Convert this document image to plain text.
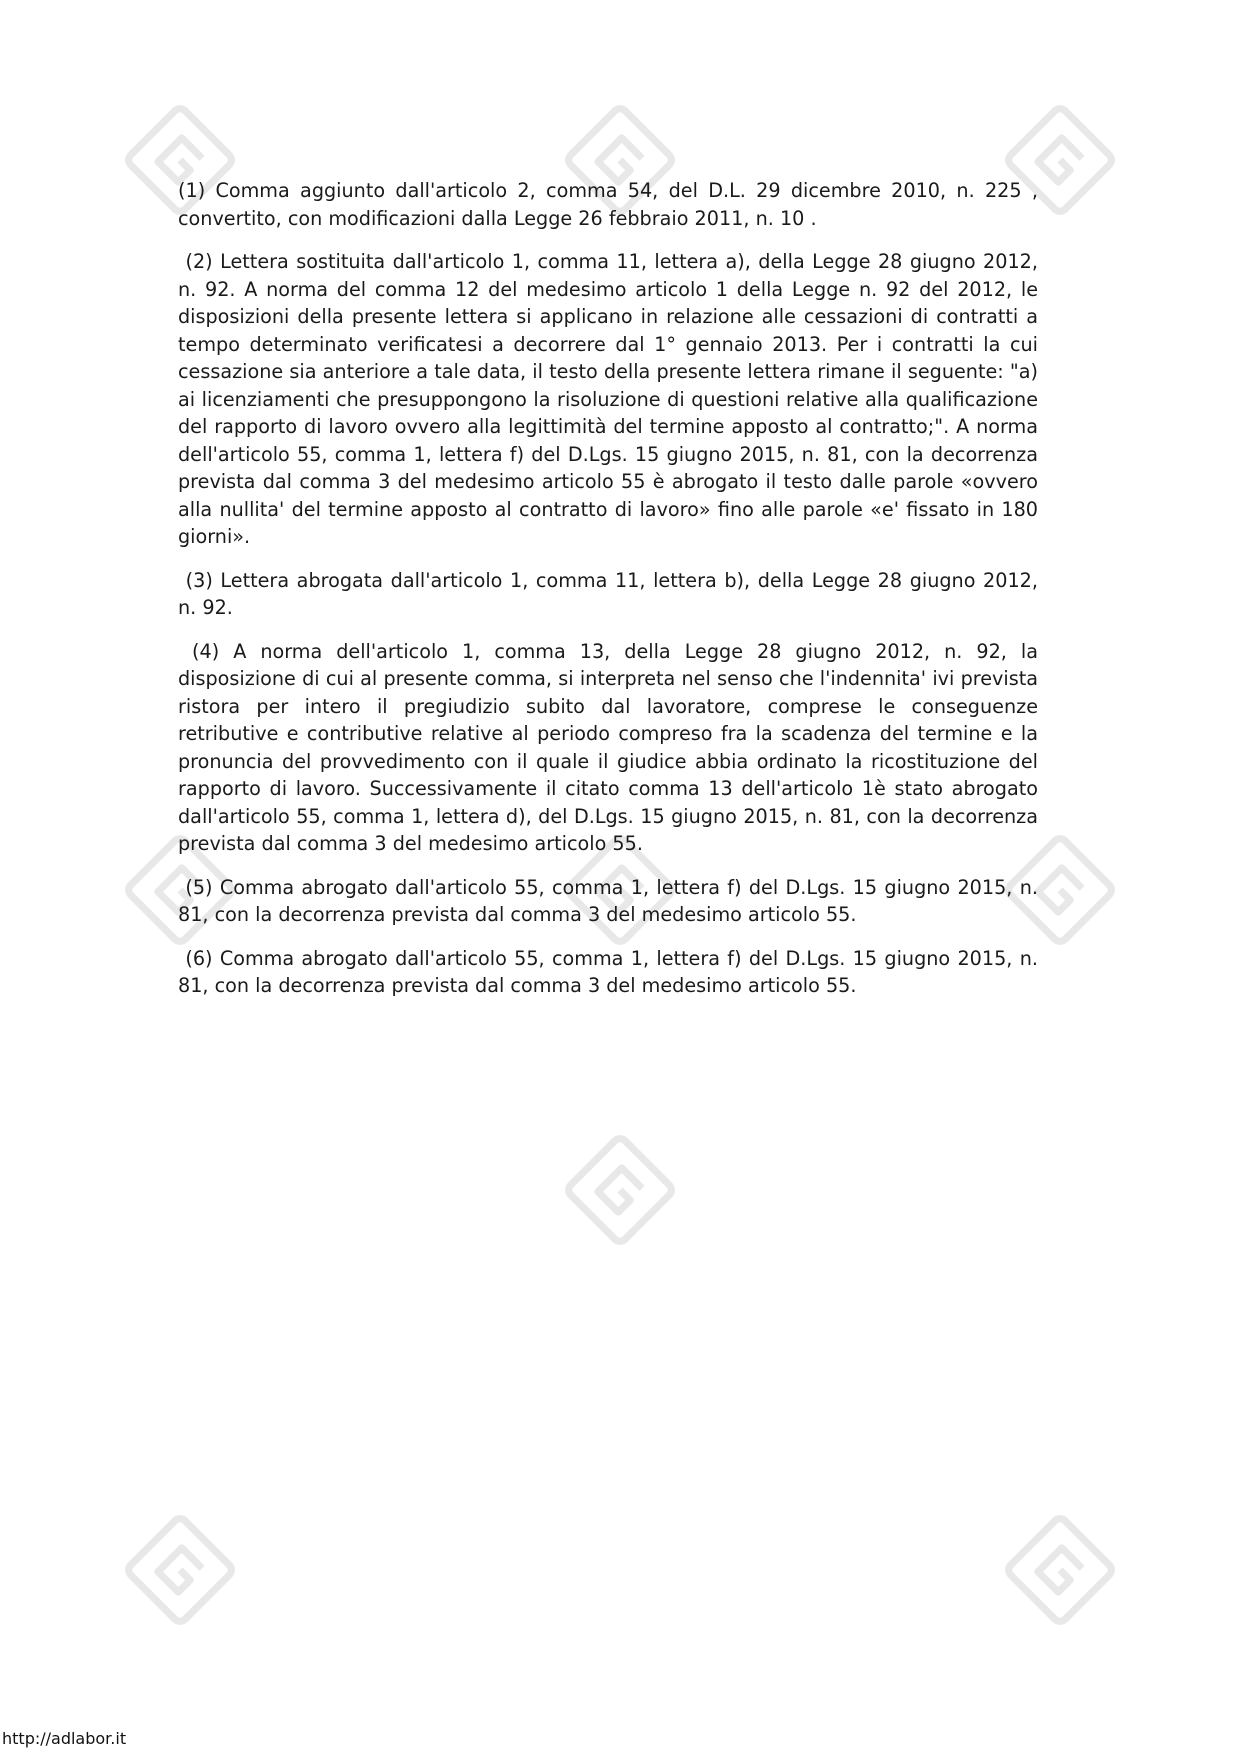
(1) Comma aggiunto dall'articolo 2, comma 54, del D.L. 29 dicembre 2010, n. 225 , convertito, con modificazioni dalla Legge 26 febbraio 2011, n. 10 .

(2) Lettera sostituita dall'articolo 1, comma 11, lettera a), della Legge 28 giugno 2012, n. 92. A norma del comma 12 del medesimo articolo 1 della Legge n. 92 del 2012, le disposizioni della presente lettera si applicano in relazione alle cessazioni di contratti a tempo determinato verificatesi a decorrere dal 1° gennaio 2013. Per i contratti la cui cessazione sia anteriore a tale data, il testo della presente lettera rimane il seguente: "a) ai licenziamenti che presuppongono la risoluzione di questioni relative alla qualificazione del rapporto di lavoro ovvero alla legittimità del termine apposto al contratto;". A norma dell'articolo 55, comma 1, lettera f) del D.Lgs. 15 giugno 2015, n. 81, con la decorrenza prevista dal comma 3 del medesimo articolo 55 è abrogato il testo dalle parole «ovvero alla nullita' del termine apposto al contratto di lavoro» fino alle parole «e' fissato in 180 giorni».

(3) Lettera abrogata dall'articolo 1, comma 11, lettera b), della Legge 28 giugno 2012, n. 92.

(4) A norma dell'articolo 1, comma 13, della Legge 28 giugno 2012, n. 92, la disposizione di cui al presente comma, si interpreta nel senso che l'indennita' ivi prevista ristora per intero il pregiudizio subito dal lavoratore, comprese le conseguenze retributive e contributive relative al periodo compreso fra la scadenza del termine e la pronuncia del provvedimento con il quale il giudice abbia ordinato la ricostituzione del rapporto di lavoro. Successivamente il citato comma 13 dell'articolo 1è stato abrogato dall'articolo 55, comma 1, lettera d), del D.Lgs. 15 giugno 2015, n. 81, con la decorrenza prevista dal comma 3 del medesimo articolo 55.

(5) Comma abrogato dall'articolo 55, comma 1, lettera f) del D.Lgs. 15 giugno 2015, n. 81, con la decorrenza prevista dal comma 3 del medesimo articolo 55.

(6) Comma abrogato dall'articolo 55, comma 1, lettera f) del D.Lgs. 15 giugno 2015, n. 81, con la decorrenza prevista dal comma 3 del medesimo articolo 55.

http://adlabor.it
